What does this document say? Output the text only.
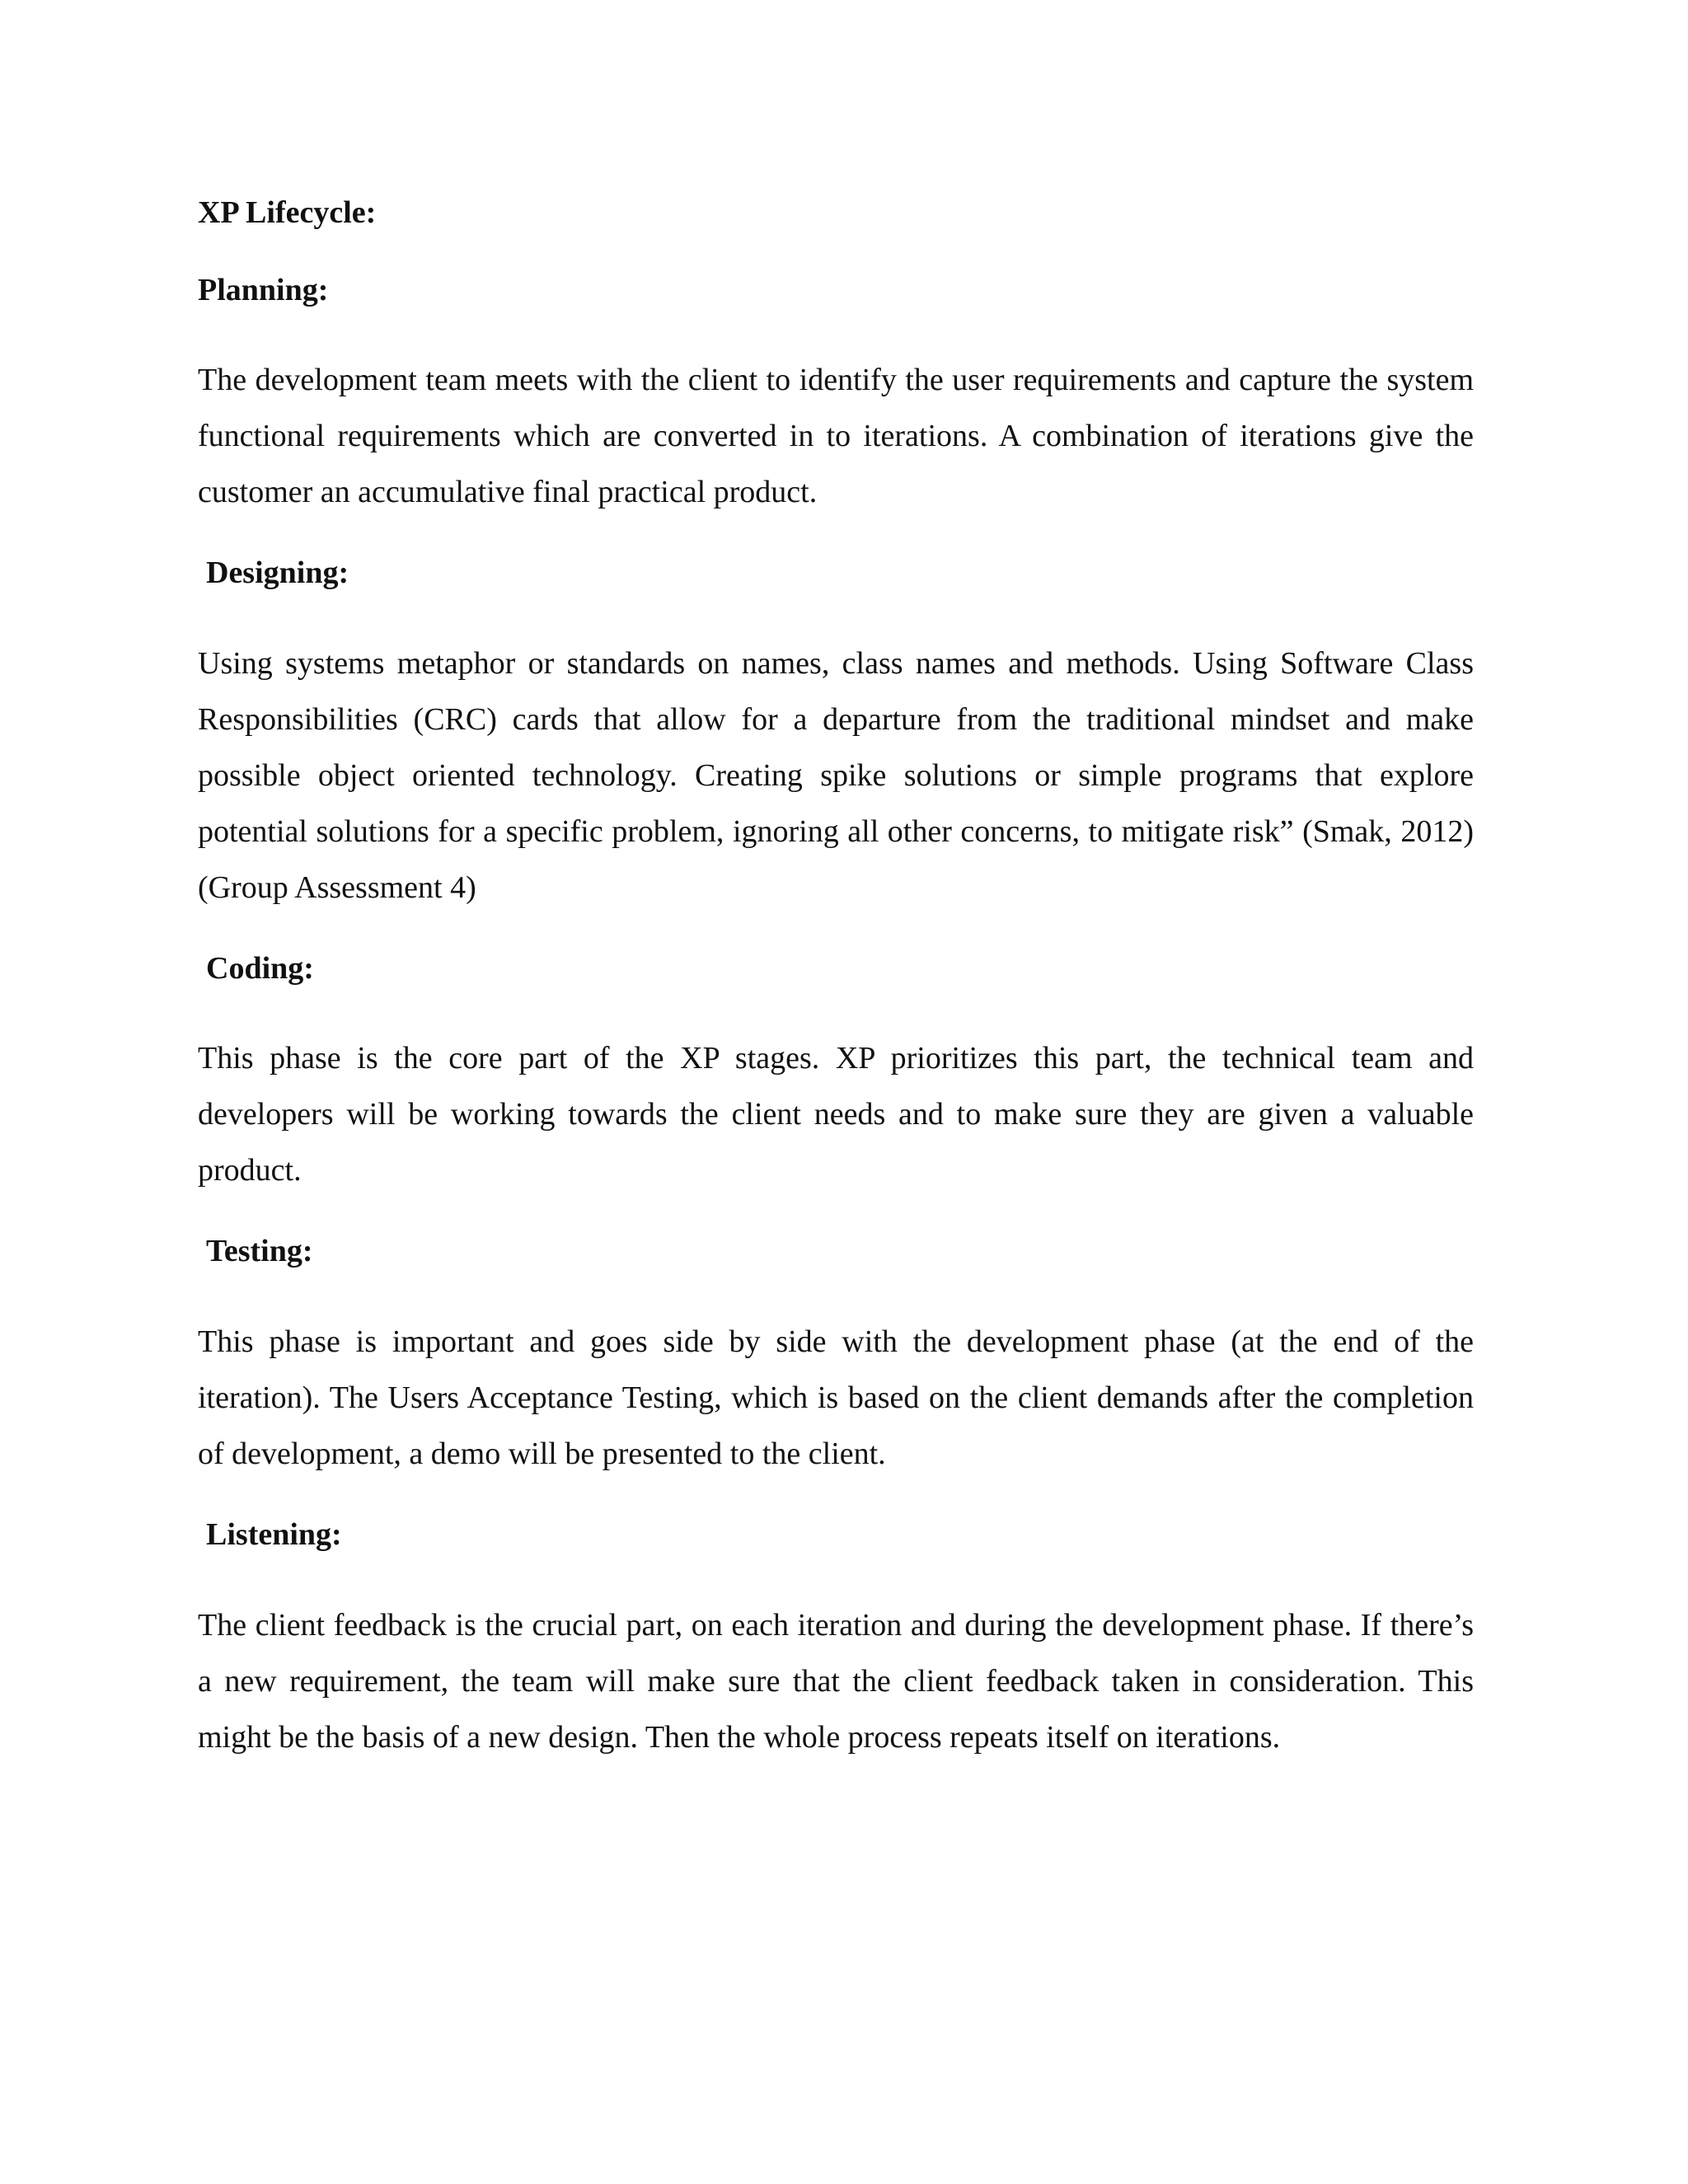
XP Lifecycle:
Planning:

The development team meets with the client to identify the user requirements and capture the system functional requirements which are converted in to iterations. A combination of iterations give the customer an accumulative final practical product.

Designing:

Using systems metaphor or standards on names, class names and methods. Using Software Class Responsibilities (CRC) cards that allow for a departure from the traditional mindset and make possible object oriented technology. Creating spike solutions or simple programs that explore potential solutions for a specific problem, ignoring all other concerns, to mitigate risk” (Smak, 2012) (Group Assessment 4)

Coding:

This phase is the core part of the XP stages. XP prioritizes this part, the technical team and developers will be working towards the client needs and to make sure they are given a valuable product.

Testing:

This phase is important and goes side by side with the development phase (at the end of the iteration). The Users Acceptance Testing, which is based on the client demands after the completion of development, a demo will be presented to the client.

Listening:

The client feedback is the crucial part, on each iteration and during the development phase. If there’s a new requirement, the team will make sure that the client feedback taken in consideration. This might be the basis of a new design. Then the whole process repeats itself on iterations.
